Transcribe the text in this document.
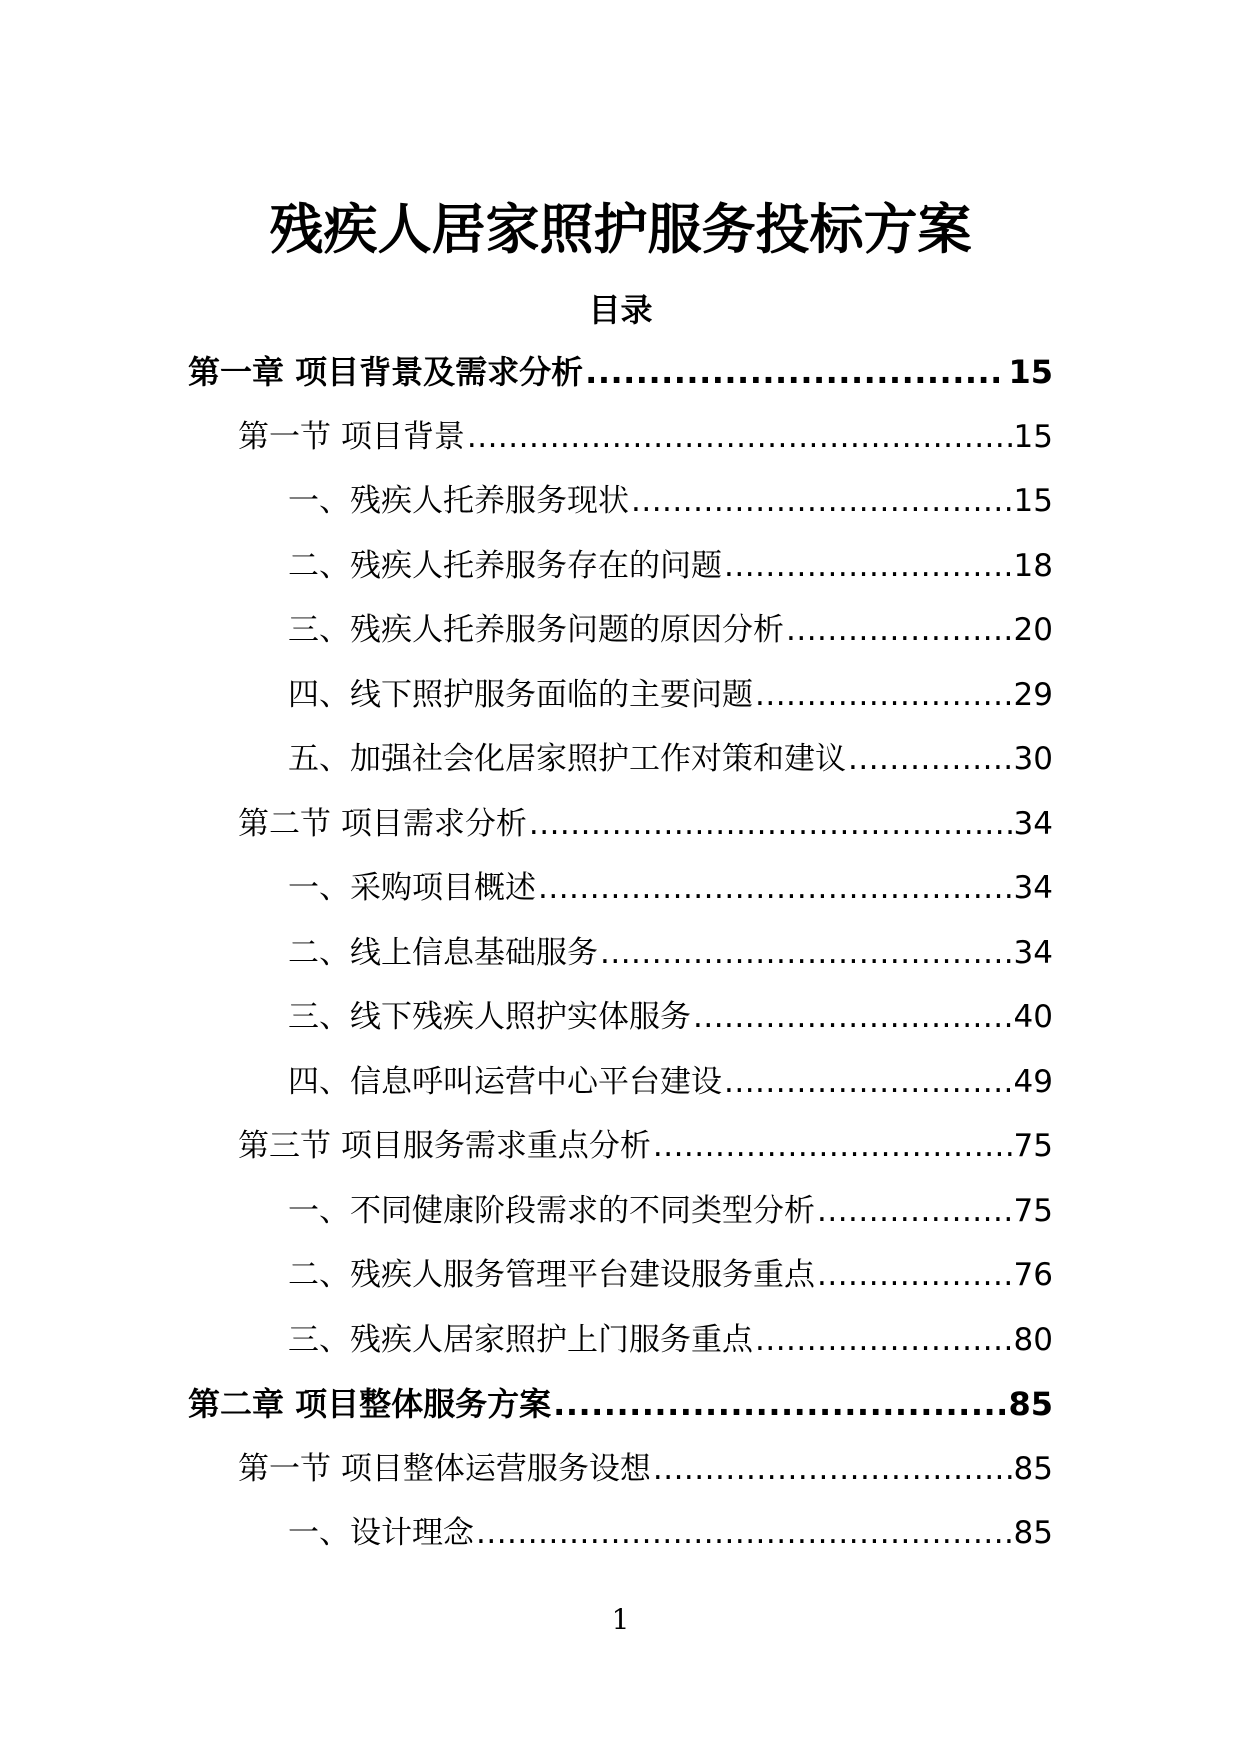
残疾人居家照护服务投标方案
目录
第一章 项目背景及需求分析 .....	15
第一节 项目背景 .....	15
一、残疾人托养服务现状 .....	15
二、残疾人托养服务存在的问题 .....	18
三、残疾人托养服务问题的原因分析 .....	20
四、线下照护服务面临的主要问题 .....	29
五、加强社会化居家照护工作对策和建议 .....	30
第二节 项目需求分析 .....	34
一、采购项目概述 .....	34
二、线上信息基础服务 .....	34
三、线下残疾人照护实体服务 .....	40
四、信息呼叫运营中心平台建设 .....	49
第三节 项目服务需求重点分析 .....	75
一、不同健康阶段需求的不同类型分析 .....	75
二、残疾人服务管理平台建设服务重点 .....	76
三、残疾人居家照护上门服务重点 .....	80
第二章 项目整体服务方案 .....	85
第一节 项目整体运营服务设想 .....	85
一、设计理念 .....	85
1
